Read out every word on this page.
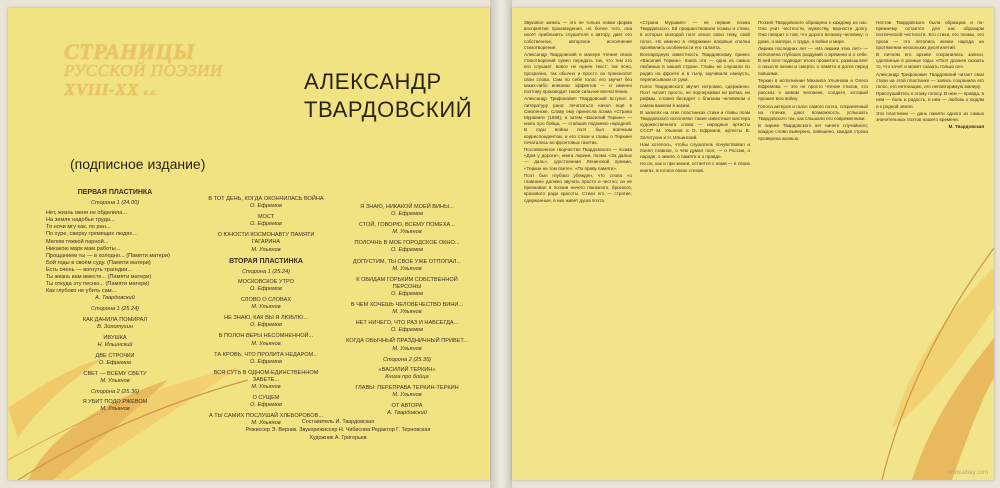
СТРАНИЦЫ
РУССКОЙ ПОЭЗИИ
XVIII-XX в.в.	АЛЕКСАНДР
ТВАРДОВСКИЙ
(подписное издание)
ПЕРВАЯ ПЛАСТИНКА
Сторона 1 (24.00)
Нет, жизнь меня не обделила...
На земле надобье труда...
То ночи мгу как, по ран...
По хуре, сверху гремящих людях...
Мелом тяжкой парной...
Никакою марк мам работы...
Прощанием ты — в холодно... (Памяти матери)
Бой годы в своём суду. (Памяти матери)
Есть очень — вогнуть трагедии...
Ты жизнь вам вместе... (Памяти матери)
Ты откуда эту песню... (Памяти матери)
Как глубоко не убить сам...
А. Твардовский
Сторона 1 (25.24)
КАК ДАНИЛА ПОМИРАЛ
В. Золотухин
ИВУШКА
Н. Ильинский
ДВЕ СТРОЧКИ
О. Ефремов
СВЕТ — ВСЕМУ СВЕТУ
М. Ульянов
Сторона 2 (25.36)
Я УБИТ ПОДО РЖЕВОМ
М. Ульянов
В ТОТ ДЕНЬ, КОГДА ОКОНЧИЛАСЬ ВОЙНА
О. Ефремов
МОСТ
О. Ефремов
О ЮНОСТИ КОСМОНАВТУ ПАМЯТИ ГАГАРИНА
М. Ульянов
ВТОРАЯ ПЛАСТИНКА
Сторона 1 (25.24)
МОСКОВСКОЕ УТРО
О. Ефремов
СЛОВО О СЛОВАХ
М. Ульянов
НЕ ЗНАЮ, КАК ВЫ Я ЛЮБЛЮ...
О. Ефремов
В ПОЛОН ВЕРЫ НЕСОМНЕННОЙ...
М. Ульянов
ТА КРОВЬ, ЧТО ПРОЛИТА НЕДАРОМ...
О. Ефремов
ВСЯ СУТЬ В ОДНОМ-ЕДИНСТВЕННОМ ЗАВЕТЕ...
М. Ульянов
О СУЩЕМ
О. Ефремов
А ТЫ САМИХ ПОСЛУШАЙ ХЛЕБОРОБОВ...
М. Ульянов
Я ЗНАЮ, НИКАКОЙ МОЕЙ ВИНЫ...
О. Ефремов
СТОЙ, ГОВОРЮ, ВСЕМУ ПОМЕХА...
М. Ульянов
ПОЛОЧНЬ В МОЕ ГОРОДСКОЕ ОКНО...
О. Ефремов
ДОПУСТИМ, ТЫ СВОЕ УЖЕ ОТПОПАЛ...
М. Ульянов
К ОБИДАМ ГОРЬКИМ СОБСТВЕННОЙ ПЕРСОНЫ
О. Ефремов
В ЧЕМ ХОЧЕШЬ ЧЕЛОВЕЧЕСТВО ВИНИ...
М. Ульянов
НЕТ НИЧЕГО, ЧТО РАЗ И НАВСЕГДА...
О. Ефремов
КОГДА ОБЫЧНЫЙ ПРАЗДНИЧНЫЙ ПРИВЕТ...
М. Ульянов
Сторона 2 (25.35)
«ВАСИЛИЙ ТЕРКИН»
Книга про бойца
ГЛАВЫ: ПЕРЕПРАВА ТЕРКИН-ТЕРКИН
М. Ульянов
ОТ АВТОРА
А. Твардовский
Составитель И. Твардовская
Режиссер Э. Верник. Звукорежиссер Н. Чибисова Редактор Г. Терновская
Художник А. Григорьев
Звуковое запись — это не только новая форма восприятия произведения, но более того, она несёт приблизить слушателя к автору, дает его собственное, авторское исполнение стихотворения.
Александр Твардовский в манере чтения своих стихотворений сумел передать так, что тем кто его слушает, вовсе не нужен текст: так ясно, прозрачно, так обычно и просто он произносит свои слова. Сам по себе голос его звучит без каких-либо внешних эффектов — и именно поэтому производит такое сильное впечатление.
Александр Трифонович Твардовский вступил в литературу рано: печататься начал ещё в Смоленске. Славу ему принесла поэма «Страна Муравия» (1936), а затем «Василий Теркин» — книга про бойца, — ставшая подлинно народной. В годы войны поэт был военным корреспондентом, и его стихи и главы о Теркине печатались во фронтовых газетах.
Послевоенное творчество Твардовского — поэма «Дом у дороги», книга лирики, поэма «За далью — даль», удостоенная Ленинской премии, «Теркин на том свете», «По праву памяти».
Поэт был глубоко убежден, что слово «о главном» должно звучать просто и честно; он не признавал в поэзии ничего показного, броского, красивого ради красоты. Стихи его — строгие, сдержанные, в них живет душа поэта.
«Страна Муравия» — не первая поэма Твардовского. Ей предшествовали поэмы и стихи, в которых молодой поэт искал свою тему, свой голос. Но именно в «Муравии» впервые сполна проявились особенности его таланта.
Всенародную известность Твардовскому принес «Василий Теркин». Книга эта — одна из самых любимых в нашей стране. Главы ее слушали по радио на фронте и в тылу, заучивали наизусть, переписывали от руки.
Голос Твардовского звучит негромко, сдержанно. Поэт читает просто, не подчеркивая ни ритма, ни рифмы, словно беседует с близким человеком о самом важном в жизни.
В записях на этих пластинках стихи и главы поэм Твардовского исполняют также известные мастера художественного слова — народные артисты СССР М. Ульянов и О. Ефремов, артисты В. Золотухин и Н. Ильинский.
Нам хотелось, чтобы слушатель почувствовал и понял главное, о чем думал поэт, — о России, о народе, о земле, о памяти и о правде.
Но он, как и при жизни, остается с нами — в своих книгах, в голосе своих стихов.
Поэзия Твардовского обращена к каждому из нас. Она учит честности, мужеству, верности долгу. Она говорит о том, что дорого всякому человеку: о доме, о матери, о труде, о войне и мире.
Лирика последних лет — «Из лирики этих лет» — исполнена глубоких раздумий о времени и о себе. В ней поэт подводит итоги прожитого, размышляет о смысле жизни и смерти, о памяти и долге перед павшими.
Теркин в исполнении Михаила Ульянова и Олега Ефремова — это не просто чтение стихов, это рассказ о живом человеке, солдате, который прошел всю войну.
Голоса актеров и голос самого поэта, сохраненный на пленке, дают возможность услышать Твардовского так, как слышали его современники.
В лирике Твардовского нет ничего случайного; каждое слово выверено, взвешено, каждая строка проверена жизнью.
Нестав Твардовского была образцом и по-прежнему остается для нас образцом поэтической честности. Его стихи, его поэмы, его проза — это летопись жизни народа на протяжении нескольких десятилетий.
В личном его архиве сохранились записи, сделанные в разные годы: «Поэт должен сказать то, что хочет и может сказать только он».
Александр Трифонович Твардовский читает свои стихи на этой пластинке — запись сохранила его голос, его интонацию, его неповторимую манеру.
Прислушайтесь к этому голосу. В нем — правда, в нем — боль и радость, в нем — любовь к людям и к родной земле.
Эти пластинки — дань памяти одного из самых значительных поэтов нашего времени.
М. Твардовская
www.ebay.com
